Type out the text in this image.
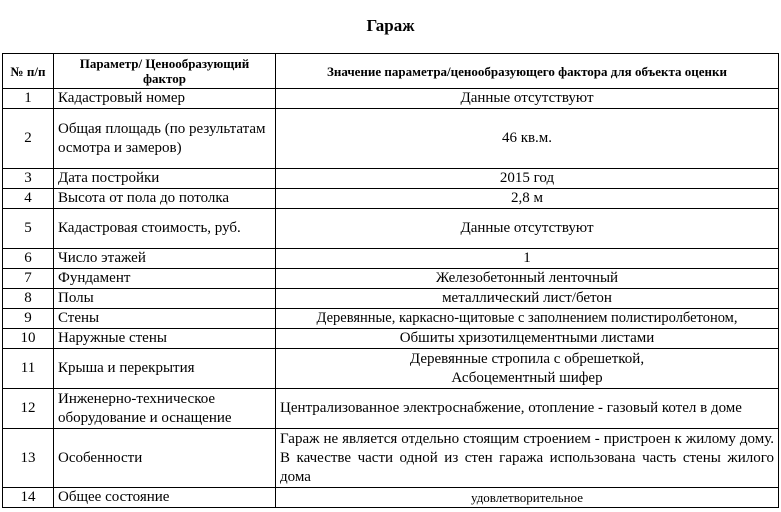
Гараж
№ п/п	Параметр/ Ценообразующий фактор	Значение параметра/ценообразующего фактора для объекта оценки
1	Кадастровый номер	Данные отсутствуют
2	Общая площадь (по результатам осмотра и замеров)	46 кв.м.
3	Дата постройки	2015 год
4	Высота от пола до потолка	2,8 м
5	Кадастровая стоимость, руб.	Данные отсутствуют
6	Число этажей	1
7	Фундамент	Железобетонный ленточный
8	Полы	металлический лист/бетон
9	Стены	Деревянные, каркасно-щитовые с заполнением полистиролбетоном,
10	Наружные стены	Обшиты хризотилцементными листами
11	Крыша и перекрытия	Деревянные стропила с обрешеткой,
Асбоцементный шифер

12	Инженерно-техническое оборудование и оснащение	Централизованное электроснабжение, отопление - газовый котел в доме
13	Особенности	Гараж не является отдельно стоящим строением - пристроен к жилому дому. В качестве части одной из стен гаража использована часть стены жилого дома
14	Общее состояние	удовлетворительное
